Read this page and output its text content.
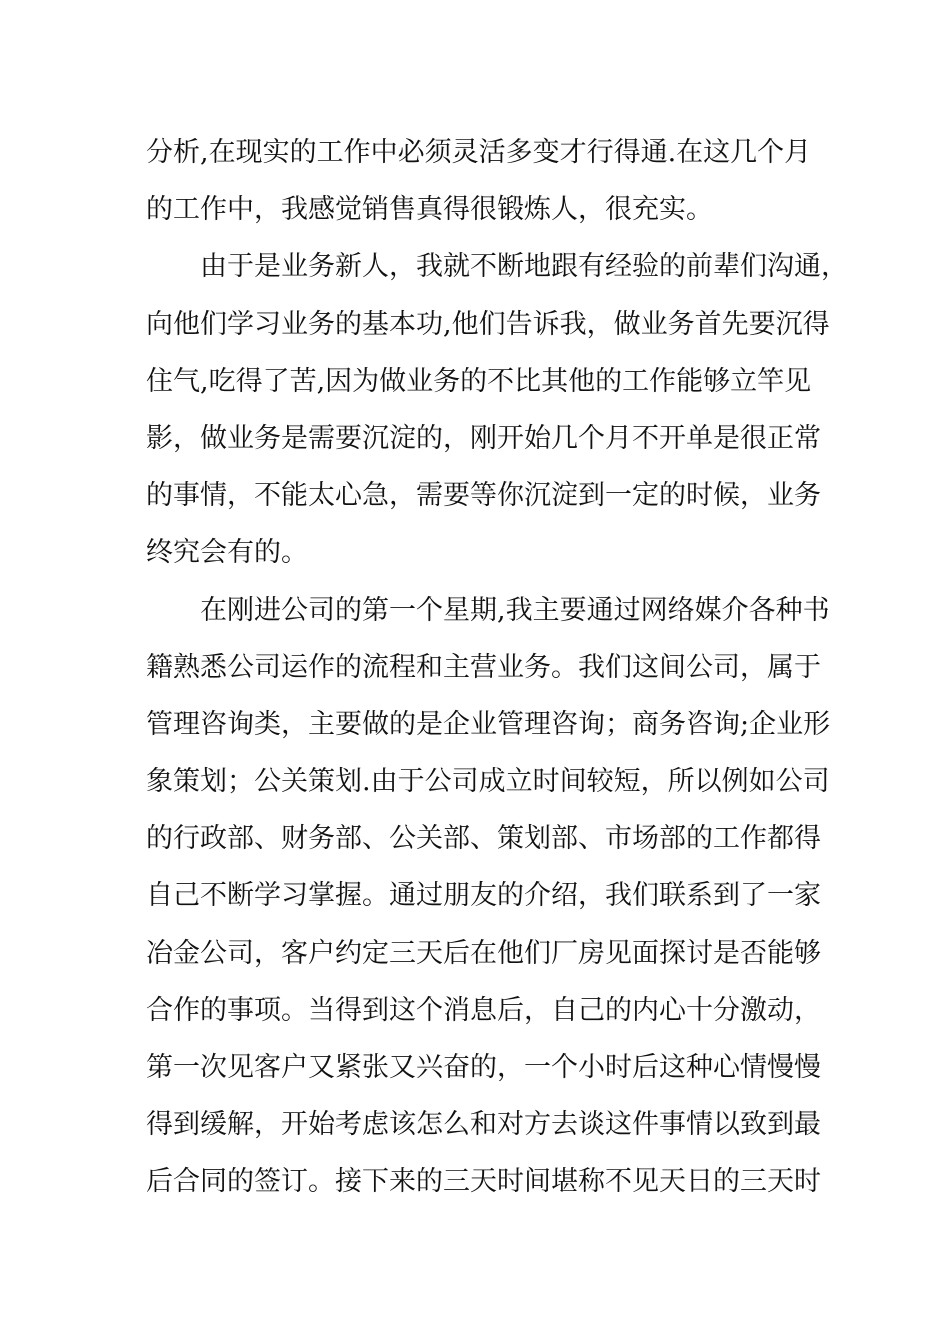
分析,在现实的工作中必须灵活多变才行得通.在这几个月
的工作中，我感觉销售真得很锻炼人，很充实。
由于是业务新人，我就不断地跟有经验的前辈们沟通，
向他们学习业务的基本功,他们告诉我，做业务首先要沉得
住气,吃得了苦,因为做业务的不比其他的工作能够立竿见
影，做业务是需要沉淀的，刚开始几个月不开单是很正常
的事情，不能太心急，需要等你沉淀到一定的时候，业务
终究会有的。
在刚进公司的第一个星期,我主要通过网络媒介各种书
籍熟悉公司运作的流程和主营业务。我们这间公司，属于
管理咨询类，主要做的是企业管理咨询；商务咨询;企业形
象策划；公关策划.由于公司成立时间较短，所以例如公司
的行政部、财务部、公关部、策划部、市场部的工作都得
自己不断学习掌握。通过朋友的介绍，我们联系到了一家
冶金公司，客户约定三天后在他们厂房见面探讨是否能够
合作的事项。当得到这个消息后，自己的内心十分激动，
第一次见客户又紧张又兴奋的，一个小时后这种心情慢慢
得到缓解，开始考虑该怎么和对方去谈这件事情以致到最
后合同的签订。接下来的三天时间堪称不见天日的三天时
